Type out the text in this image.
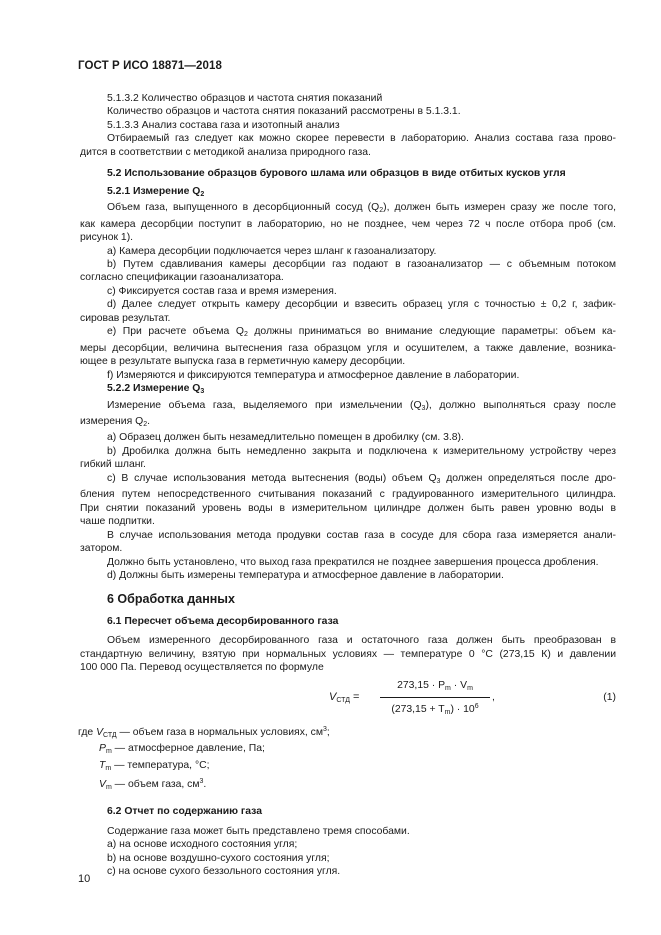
ГОСТ Р ИСО 18871—2018
5.1.3.2 Количество образцов и частота снятия показаний
Количество образцов и частота снятия показаний рассмотрены в 5.1.3.1.
5.1.3.3 Анализ состава газа и изотопный анализ
Отбираемый газ следует как можно скорее перевести в лабораторию. Анализ состава газа прово-
дится в соответствии с методикой анализа природного газа.
5.2 Использование образцов бурового шлама или образцов в виде отбитых кусков угля
5.2.1 Измерение $Q_2$
Объем газа, выпущенного в десорбционный сосуд $(Q_2)$, должен быть измерен сразу же после того,
как камера десорбции поступит в лабораторию, но не позднее, чем через 72 ч после отбора проб (см.
рисунок 1).
а) Камера десорбции подключается через шланг к газоанализатору.
b) Путем сдавливания камеры десорбции газ подают в газоанализатор — с объемным потоком
согласно спецификации газоанализатора.
c) Фиксируется состав газа и время измерения.
d) Далее следует открыть камеру десорбции и взвесить образец угля с точностью ± 0,2 г, зафик-
сировав результат.
e) При расчете объема $Q_2$ должны приниматься во внимание следующие параметры: объем ка-
меры десорбции, величина вытеснения газа образцом угля и осушителем, а также давление, возника-
ющее в результате выпуска газа в герметичную камеру десорбции.
f) Измеряются и фиксируются температура и атмосферное давление в лаборатории.
5.2.2 Измерение $Q_3$
Измерение объема газа, выделяемого при измельчении $(Q_3)$, должно выполняться сразу после
измерения $Q_2$.
а) Образец должен быть незамедлительно помещен в дробилку (см. 3.8).
b) Дробилка должна быть немедленно закрыта и подключена к измерительному устройству через
гибкий шланг.
c) В случае использования метода вытеснения (воды) объем $Q_3$ должен определяться после дро-
бления путем непосредственного считывания показаний с градуированного измерительного цилиндра.
При снятии показаний уровень воды в измерительном цилиндре должен быть равен уровню воды в
чаше подпитки.
В случае использования метода продувки состав газа в сосуде для сбора газа измеряется анали-
затором.
Должно быть установлено, что выход газа прекратился не позднее завершения процесса дробления.
d) Должны быть измерены температура и атмосферное давление в лаборатории.
6 Обработка данных
6.1 Пересчет объема десорбированного газа
Объем измеренного десорбированного газа и остаточного газа должен быть преобразован в
стандартную величину, взятую при нормальных условиях — температуре 0 °С (273,15 К) и давлении
100 000 Па. Перевод осуществляется по формуле
$V_{СТД} = \frac{273,15 \cdot P_m \cdot V_m}{(273,15 + T_m) \cdot 10^6}$ ,	(1)
где $V_{СТД}$ — объем газа в нормальных условиях, $см^3$;
$P_m$ — атмосферное давление, Па;
$T_m$ — температура, °С;
$V_m$ — объем газа, $см^3$.
6.2 Отчет по содержанию газа
Содержание газа может быть представлено тремя способами.
а) на основе исходного состояния угля;
b) на основе воздушно-сухого состояния угля;
c) на основе сухого беззольного состояния угля.
10
